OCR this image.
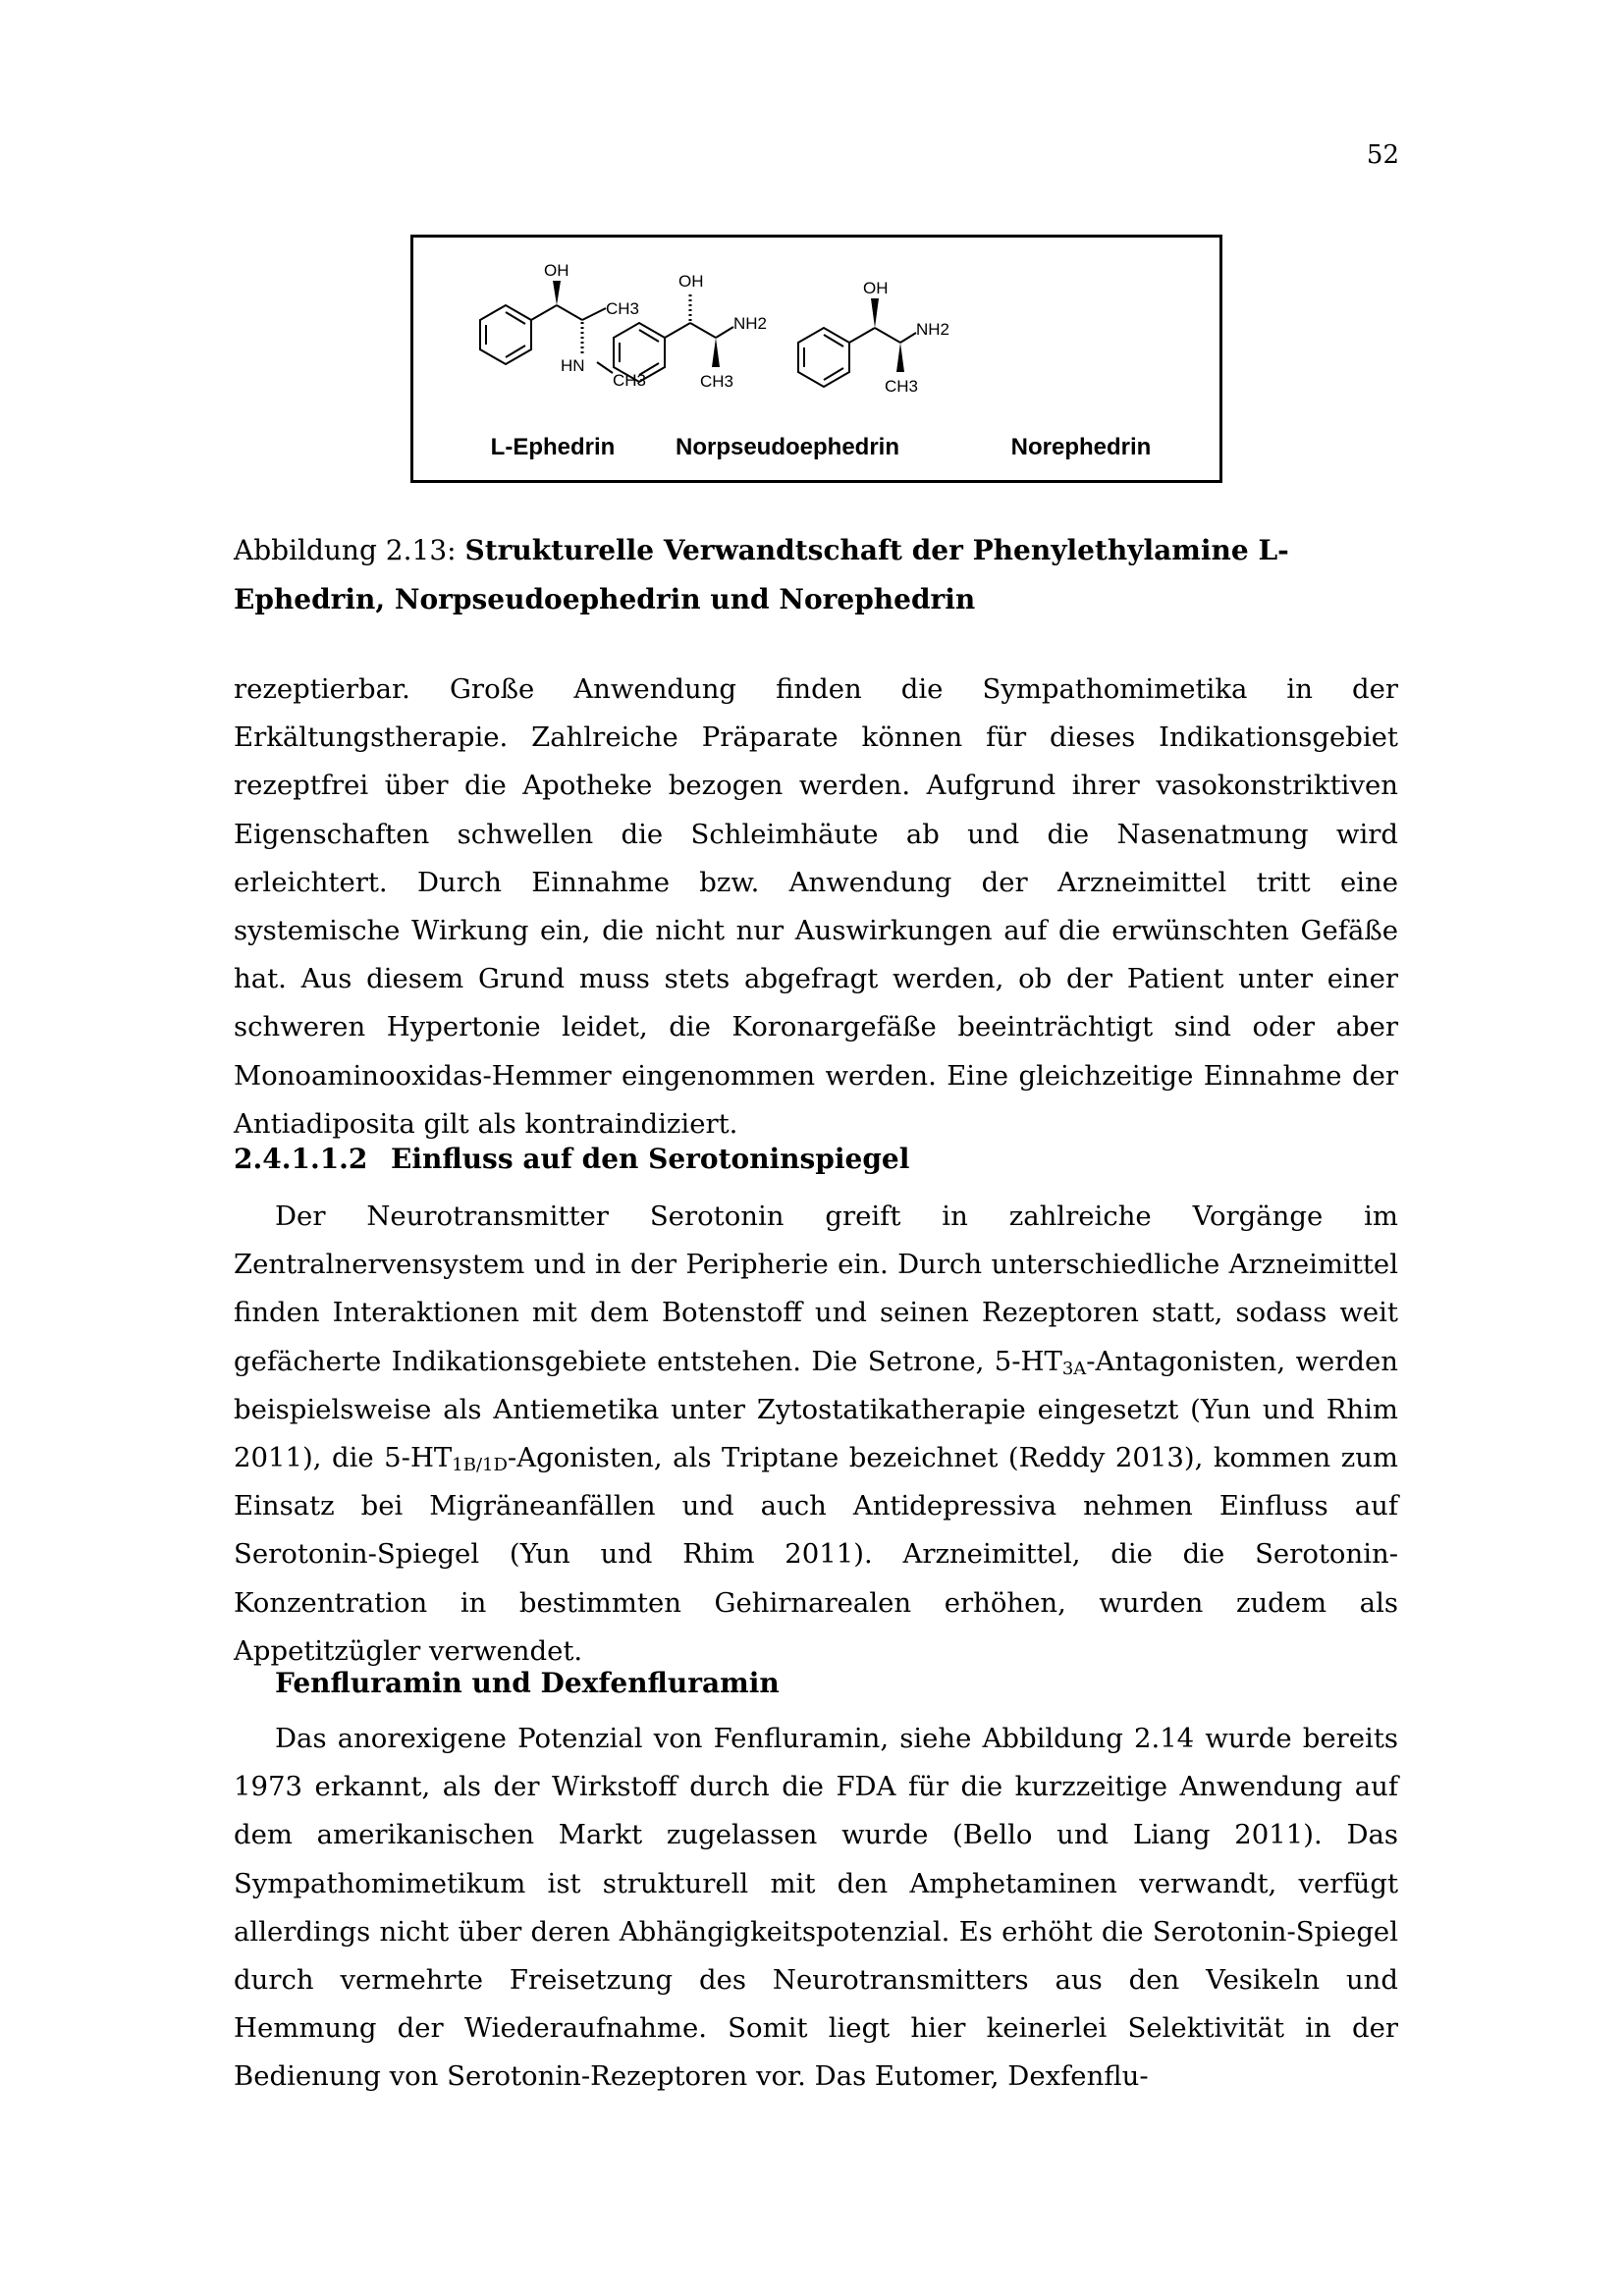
52
OH
CH3
HN
CH3
OH
NH2
CH3
OH
NH2
CH3
L-Ephedrin	Norpseudoephedrin	Norephedrin
Abbildung 2.13: Strukturelle Verwandtschaft der Phenylethylamine L-Ephedrin, Norpseudoephedrin und Norephedrin

rezeptierbar. Große Anwendung finden die Sympathomimetika in der Erkältungstherapie. Zahlreiche Präparate können für dieses Indikationsgebiet rezeptfrei über die Apotheke bezogen werden. Aufgrund ihrer vasokonstriktiven Eigenschaften schwellen die Schleimhäute ab und die Nasenatmung wird erleichtert. Durch Einnahme bzw. Anwendung der Arzneimittel tritt eine systemische Wirkung ein, die nicht nur Auswirkungen auf die erwünschten Gefäße hat. Aus diesem Grund muss stets abgefragt werden, ob der Patient unter einer schweren Hypertonie leidet, die Koronargefäße beeinträchtigt sind oder aber Monoaminooxidas-Hemmer eingenommen werden. Eine gleichzeitige Einnahme der Antiadiposita gilt als kontraindiziert.

2.4.1.1.2 Einfluss auf den Serotoninspiegel

Der Neurotransmitter Serotonin greift in zahlreiche Vorgänge im Zentralnervensystem und in der Peripherie ein. Durch unterschiedliche Arzneimittel finden Interaktionen mit dem Botenstoff und seinen Rezeptoren statt, sodass weit gefächerte Indikationsgebiete entstehen. Die Setrone, $5-HT_{3A}$-Antagonisten, werden beispielsweise als Antiemetika unter Zytostatikatherapie eingesetzt (Yun und Rhim 2011), die $5-HT_{1B/1D}$-Agonisten, als Triptane bezeichnet (Reddy 2013), kommen zum Einsatz bei Migräneanfällen und auch Antidepressiva nehmen Einfluss auf Serotonin-Spiegel (Yun und Rhim 2011). Arzneimittel, die die Serotonin-Konzentration in bestimmten Gehirnarealen erhöhen, wurden zudem als Appetitzügler verwendet.

Fenfluramin und Dexfenfluramin

Das anorexigene Potenzial von Fenfluramin, siehe Abbildung 2.14 wurde bereits 1973 erkannt, als der Wirkstoff durch die FDA für die kurzzeitige Anwendung auf dem amerikanischen Markt zugelassen wurde (Bello und Liang 2011). Das Sympathomimetikum ist strukturell mit den Amphetaminen verwandt, verfügt allerdings nicht über deren Abhängigkeitspotenzial. Es erhöht die Serotonin-Spiegel durch vermehrte Freisetzung des Neurotransmitters aus den Vesikeln und Hemmung der Wiederaufnahme. Somit liegt hier keinerlei Selektivität in der Bedienung von Serotonin-Rezeptoren vor. Das Eutomer, Dexfenflu-
